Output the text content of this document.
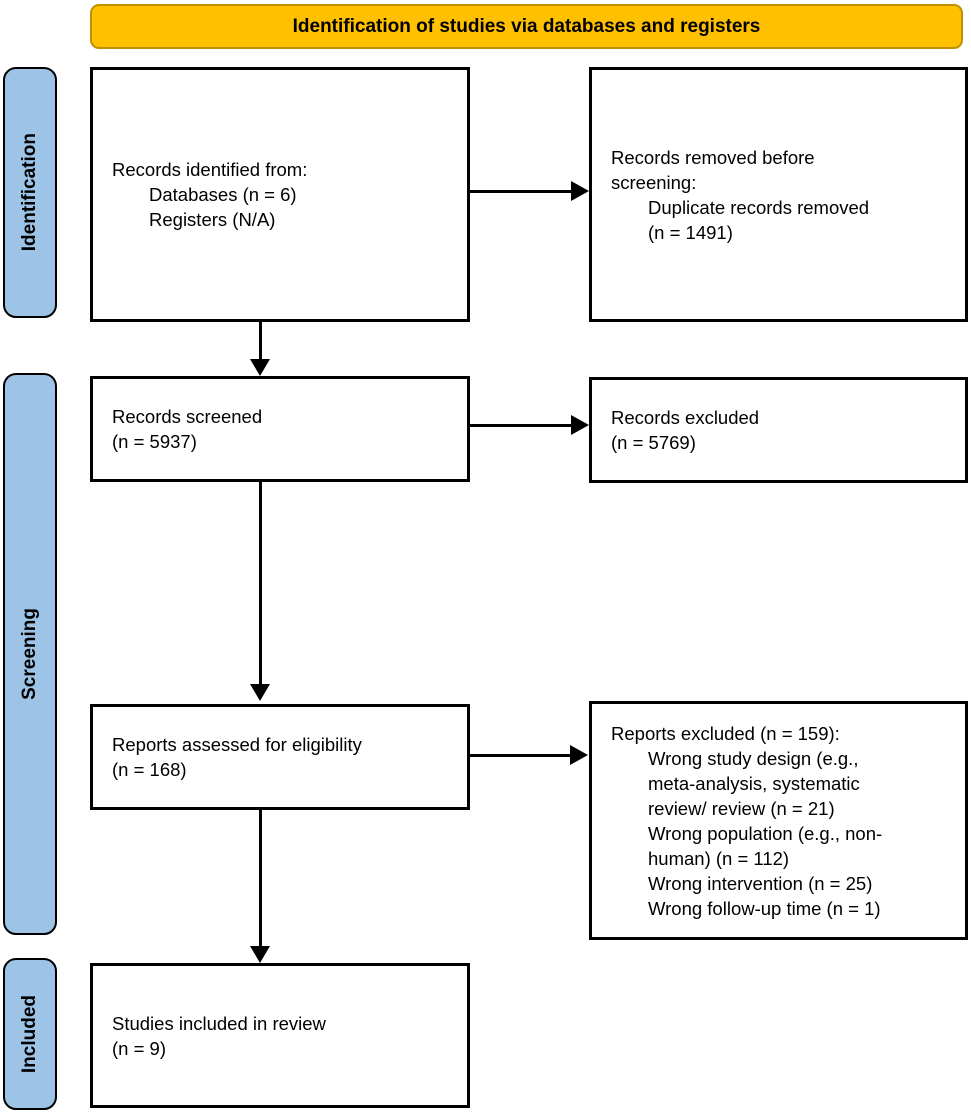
Identification of studies via databases and registers
Identification
Screening
Included
Records identified from:
Databases (n = 6)
Registers (N/A)
Records screened
(n = 5937)
Reports assessed for eligibility
(n = 168)
Studies included in review
(n = 9)
Records removed before
screening:
Duplicate records removed
(n = 1491)
Records excluded
(n = 5769)
Reports excluded (n = 159):
Wrong study design (e.g.,
meta-analysis, systematic
review/ review (n = 21)
Wrong population (e.g., non-
human) (n = 112)
Wrong intervention (n = 25)
Wrong follow-up time (n = 1)
